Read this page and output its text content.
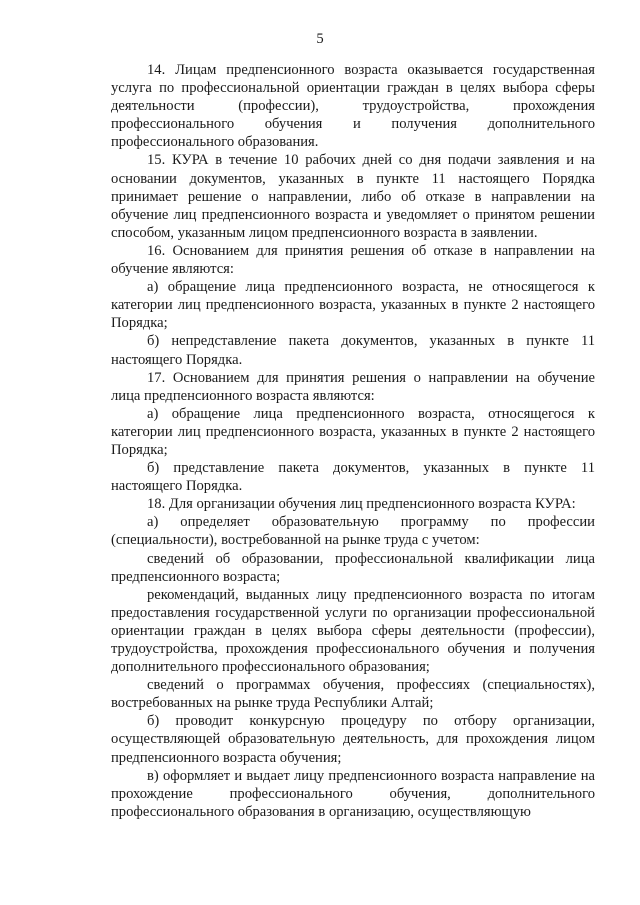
5

14. Лицам предпенсионного возраста оказывается государственная услуга по профессиональной ориентации граждан в целях выбора сферы деятельности (профессии), трудоустройства, прохождения профессионального обучения и получения дополнительного профессионального образования.

15. КУРА в течение 10 рабочих дней со дня подачи заявления и на основании документов, указанных в пункте 11 настоящего Порядка принимает решение о направлении, либо об отказе в направлении на обучение лиц предпенсионного возраста и уведомляет о принятом решении способом, указанным лицом предпенсионного возраста в заявлении.

16. Основанием для принятия решения об отказе в направлении на обучение являются:

а) обращение лица предпенсионного возраста, не относящегося к категории лиц предпенсионного возраста, указанных в пункте 2 настоящего Порядка;

б) непредставление пакета документов, указанных в пункте 11 настоящего Порядка.

17. Основанием для принятия решения о направлении на обучение лица предпенсионного возраста являются:

а) обращение лица предпенсионного возраста, относящегося к категории лиц предпенсионного возраста, указанных в пункте 2 настоящего Порядка;

б) представление пакета документов, указанных в пункте 11 настоящего Порядка.

18. Для организации обучения лиц предпенсионного возраста КУРА:

а) определяет образовательную программу по профессии (специальности), востребованной на рынке труда с учетом:

сведений об образовании, профессиональной квалификации лица предпенсионного возраста;

рекомендаций, выданных лицу предпенсионного возраста по итогам предоставления государственной услуги по организации профессиональной ориентации граждан в целях выбора сферы деятельности (профессии), трудоустройства, прохождения профессионального обучения и получения дополнительного профессионального образования;

сведений о программах обучения, профессиях (специальностях), востребованных на рынке труда Республики Алтай;

б) проводит конкурсную процедуру по отбору организации, осуществляющей образовательную деятельность, для прохождения лицом предпенсионного возраста обучения;

в) оформляет и выдает лицу предпенсионного возраста направление на прохождение профессионального обучения, дополнительного профессионального образования в организацию, осуществляющую
